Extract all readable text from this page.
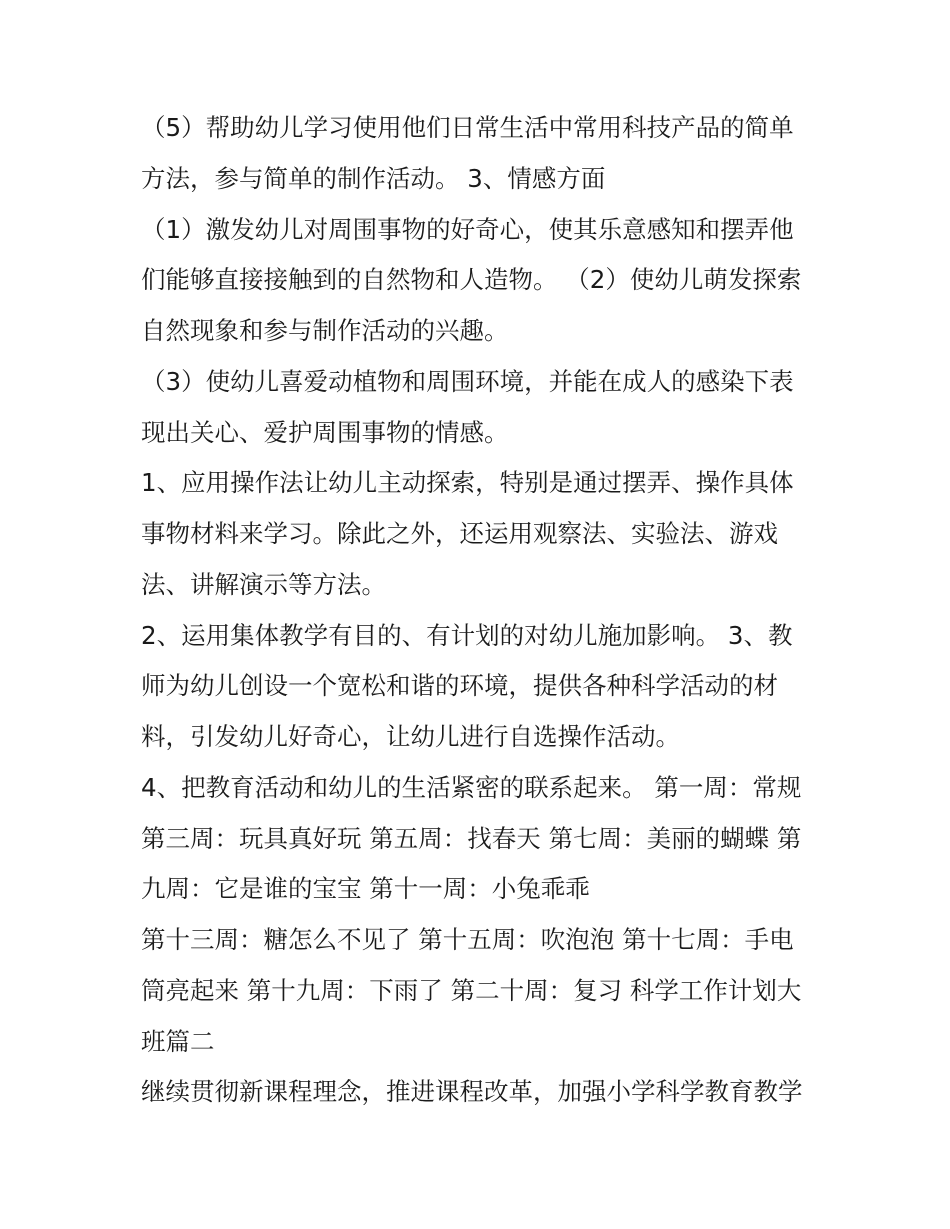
（5）帮助幼儿学习使用他们日常生活中常用科技产品的简单
方法，参与简单的制作活动。 3、情感方面
（1）激发幼儿对周围事物的好奇心，使其乐意感知和摆弄他
们能够直接接触到的自然物和人造物。 （2）使幼儿萌发探索
自然现象和参与制作活动的兴趣。
（3）使幼儿喜爱动植物和周围环境，并能在成人的感染下表
现出关心、爱护周围事物的情感。
1、应用操作法让幼儿主动探索，特别是通过摆弄、操作具体
事物材料来学习。除此之外，还运用观察法、实验法、游戏
法、讲解演示等方法。
2、运用集体教学有目的、有计划的对幼儿施加影响。 3、教
师为幼儿创设一个宽松和谐的环境，提供各种科学活动的材
料，引发幼儿好奇心，让幼儿进行自选操作活动。
4、把教育活动和幼儿的生活紧密的联系起来。 第一周：常规
第三周：玩具真好玩 第五周：找春天 第七周：美丽的蝴蝶 第
九周：它是谁的宝宝 第十一周：小兔乖乖
第十三周：糖怎么不见了 第十五周：吹泡泡 第十七周：手电
筒亮起来 第十九周：下雨了 第二十周：复习 科学工作计划大
班篇二
继续贯彻新课程理念，推进课程改革，加强小学科学教育教学
